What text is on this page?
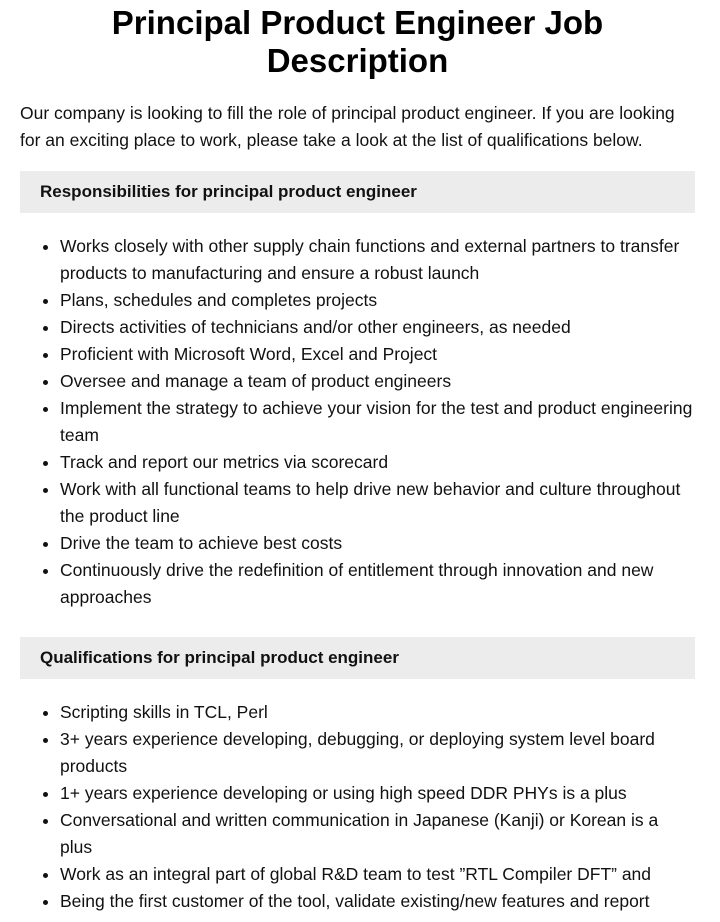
Principal Product Engineer Job Description

Our company is looking to fill the role of principal product engineer. If you are looking for an exciting place to work, please take a look at the list of qualifications below.

Responsibilities for principal product engineer
• Works closely with other supply chain functions and external partners to transfer products to manufacturing and ensure a robust launch
• Plans, schedules and completes projects
• Directs activities of technicians and/or other engineers, as needed
• Proficient with Microsoft Word, Excel and Project
• Oversee and manage a team of product engineers
• Implement the strategy to achieve your vision for the test and product engineering team
• Track and report our metrics via scorecard
• Work with all functional teams to help drive new behavior and culture throughout the product line
• Drive the team to achieve best costs
• Continuously drive the redefinition of entitlement through innovation and new approaches
Qualifications for principal product engineer
• Scripting skills in TCL, Perl
• 3+ years experience developing, debugging, or deploying system level board products
• 1+ years experience developing or using high speed DDR PHYs is a plus
• Conversational and written communication in Japanese (Kanji) or Korean is a plus
• Work as an integral part of global R&D team to test ”RTL Compiler DFT” and
• Being the first customer of the tool, validate existing/new features and report
